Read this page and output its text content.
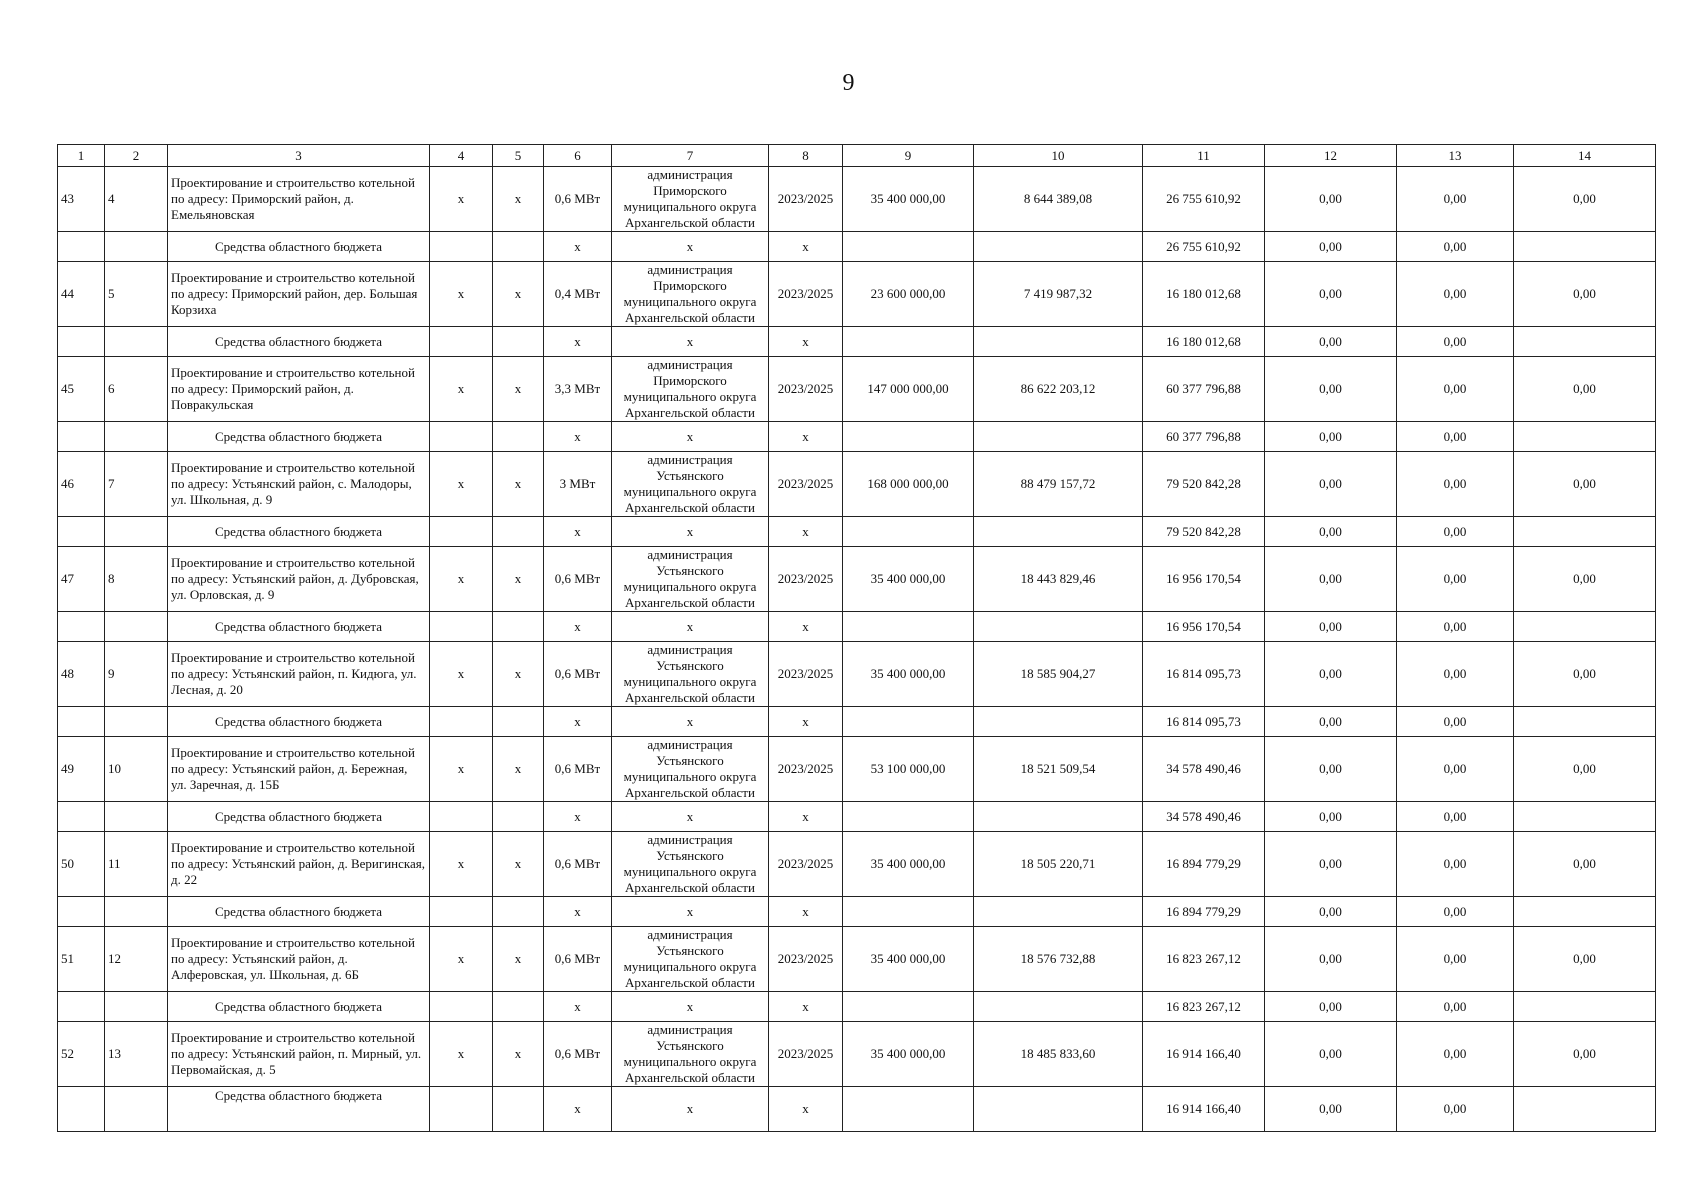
9
1	2	3	4	5	6	7	8	9	10	11	12	13	14
43	4	Проектирование и строительство котельной по адресу: Приморский район, д. Емельяновская	х	х	0,6 МВт	администрация Приморского муниципального округа Архангельской области	2023/2025	35 400 000,00	8 644 389,08	26 755 610,92	0,00	0,00	0,00
		Средства областного бюджета			х	х	х			26 755 610,92	0,00	0,00	
44	5	Проектирование и строительство котельной по адресу: Приморский район, дер. Большая Корзиха	х	х	0,4 МВт	администрация Приморского муниципального округа Архангельской области	2023/2025	23 600 000,00	7 419 987,32	16 180 012,68	0,00	0,00	0,00
		Средства областного бюджета			х	х	х			16 180 012,68	0,00	0,00	
45	6	Проектирование и строительство котельной по адресу: Приморский район, д. Повракульская	х	х	3,3 МВт	администрация Приморского муниципального округа Архангельской области	2023/2025	147 000 000,00	86 622 203,12	60 377 796,88	0,00	0,00	0,00
		Средства областного бюджета			х	х	х			60 377 796,88	0,00	0,00	
46	7	Проектирование и строительство котельной по адресу: Устьянский район, с. Малодоры, ул. Школьная, д. 9	х	х	3 МВт	администрация Устьянского муниципального округа Архангельской области	2023/2025	168 000 000,00	88 479 157,72	79 520 842,28	0,00	0,00	0,00
		Средства областного бюджета			х	х	х			79 520 842,28	0,00	0,00	
47	8	Проектирование и строительство котельной по адресу: Устьянский район, д. Дубровская, ул. Орловская, д. 9	х	х	0,6 МВт	администрация Устьянского муниципального округа Архангельской области	2023/2025	35 400 000,00	18 443 829,46	16 956 170,54	0,00	0,00	0,00
		Средства областного бюджета			х	х	х			16 956 170,54	0,00	0,00	
48	9	Проектирование и строительство котельной по адресу: Устьянский район, п. Кидюга, ул. Лесная, д. 20	х	х	0,6 МВт	администрация Устьянского муниципального округа Архангельской области	2023/2025	35 400 000,00	18 585 904,27	16 814 095,73	0,00	0,00	0,00
		Средства областного бюджета			х	х	х			16 814 095,73	0,00	0,00	
49	10	Проектирование и строительство котельной по адресу: Устьянский район, д. Бережная, ул. Заречная, д. 15Б	х	х	0,6 МВт	администрация Устьянского муниципального округа Архангельской области	2023/2025	53 100 000,00	18 521 509,54	34 578 490,46	0,00	0,00	0,00
		Средства областного бюджета			х	х	х			34 578 490,46	0,00	0,00	
50	11	Проектирование и строительство котельной по адресу: Устьянский район, д. Веригинская, д. 22	х	х	0,6 МВт	администрация Устьянского муниципального округа Архангельской области	2023/2025	35 400 000,00	18 505 220,71	16 894 779,29	0,00	0,00	0,00
		Средства областного бюджета			х	х	х			16 894 779,29	0,00	0,00	
51	12	Проектирование и строительство котельной по адресу: Устьянский район, д. Алферовская, ул. Школьная, д. 6Б	х	х	0,6 МВт	администрация Устьянского муниципального округа Архангельской области	2023/2025	35 400 000,00	18 576 732,88	16 823 267,12	0,00	0,00	0,00
		Средства областного бюджета			х	х	х			16 823 267,12	0,00	0,00	
52	13	Проектирование и строительство котельной по адресу: Устьянский район, п. Мирный, ул. Первомайская, д. 5	х	х	0,6 МВт	администрация Устьянского муниципального округа Архангельской области	2023/2025	35 400 000,00	18 485 833,60	16 914 166,40	0,00	0,00	0,00
		Средства областного бюджета			х	х	х			16 914 166,40	0,00	0,00	
